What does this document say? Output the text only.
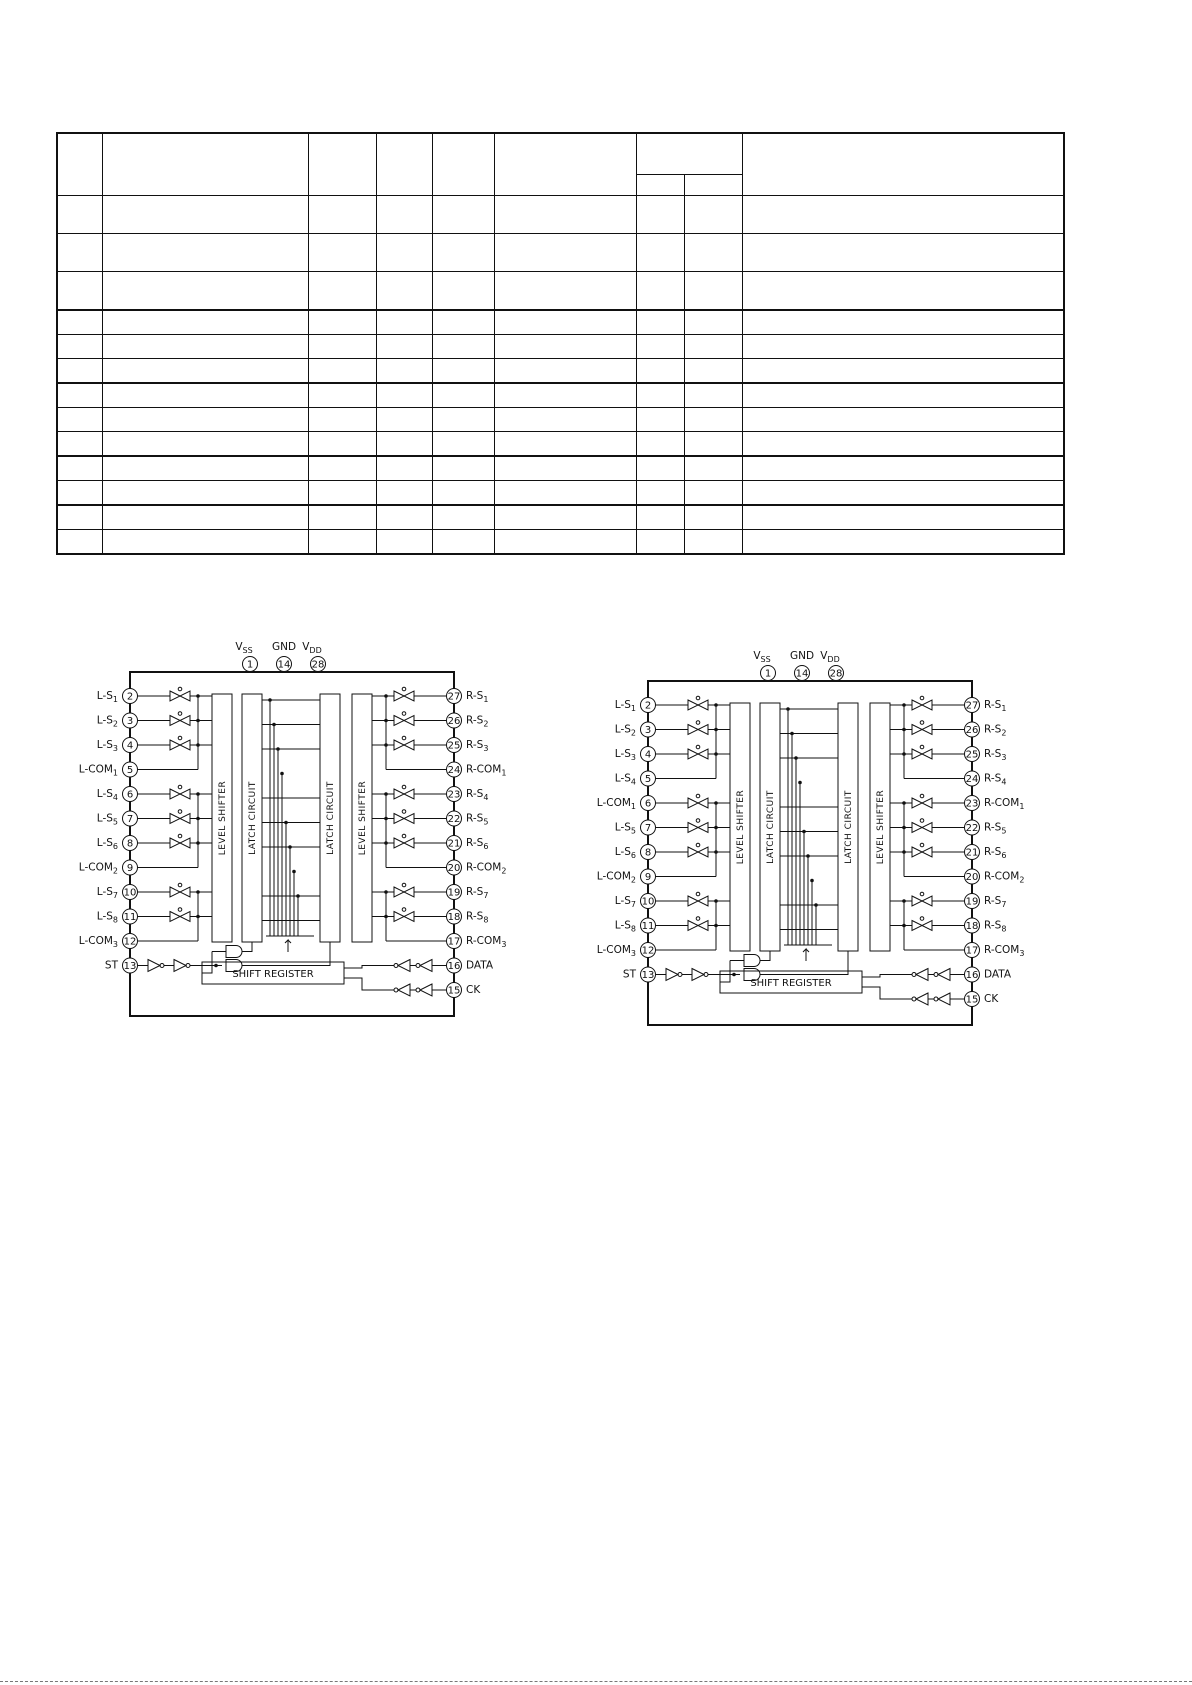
1
$V_{SS}$
14
GND
28
$V_{DD}$
2
$L-S_1$
3
$L-S_2$
4
$L-S_3$
5
$L-COM_1$
6
$L-S_4$
7
$L-S_5$
8
$L-S_6$
9
$L-COM_2$
10
$L-S_7$
11
$L-S_8$
12
$L-COM_3$
13
ST
27 $R-S_1$
26 $R-S_2$
25 $R-S_3$
24 $R-COM_1$
23 $R-S_4$
22 $R-S_5$
21 $R-S_6$
20 $R-COM_2$
19 $R-S_7$
18 $R-S_8$
17 $R-COM_3$
16 DATA
15 CK
LEVEL SHIFTER LATCH CIRCUIT	LATCH CIRCUIT LEVEL SHIFTER
SHIFT REGISTER
1
$V_{SS}$
14
GND
28
$V_{DD}$
2
$L-S_1$
3
$L-S_2$
4
$L-S_3$
5
$L-S_4$
6
$L-COM_1$
7
$L-S_5$
8
$L-S_6$
9
$L-COM_2$
10
$L-S_7$
11
$L-S_8$
12
$L-COM_3$
13
ST
27 $R-S_1$
26 $R-S_2$
25 $R-S_3$
24 $R-S_4$
23 $R-COM_1$
22 $R-S_5$
21 $R-S_6$
20 $R-COM_2$
19 $R-S_7$
18 $R-S_8$
17 $R-COM_3$
16 DATA
15 CK
LEVEL SHIFTER LATCH CIRCUIT	LATCH CIRCUIT LEVEL SHIFTER
SHIFT REGISTER
